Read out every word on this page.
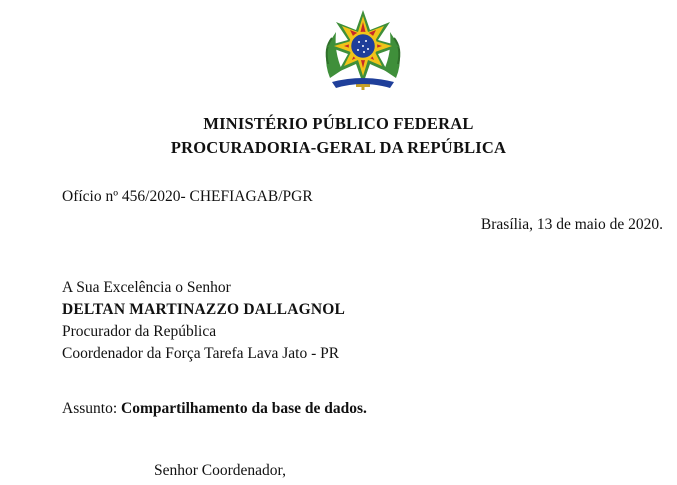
MINISTÉRIO PÚBLICO FEDERAL
PROCURADORIA-GERAL DA REPÚBLICA
Ofício nº 456/2020- CHEFIAGAB/PGR
Brasília, 13 de maio de 2020.
A Sua Excelência o Senhor
DELTAN MARTINAZZO DALLAGNOL
Procurador da República
Coordenador da Força Tarefa Lava Jato - PR
Assunto: Compartilhamento da base de dados.
Senhor Coordenador,
